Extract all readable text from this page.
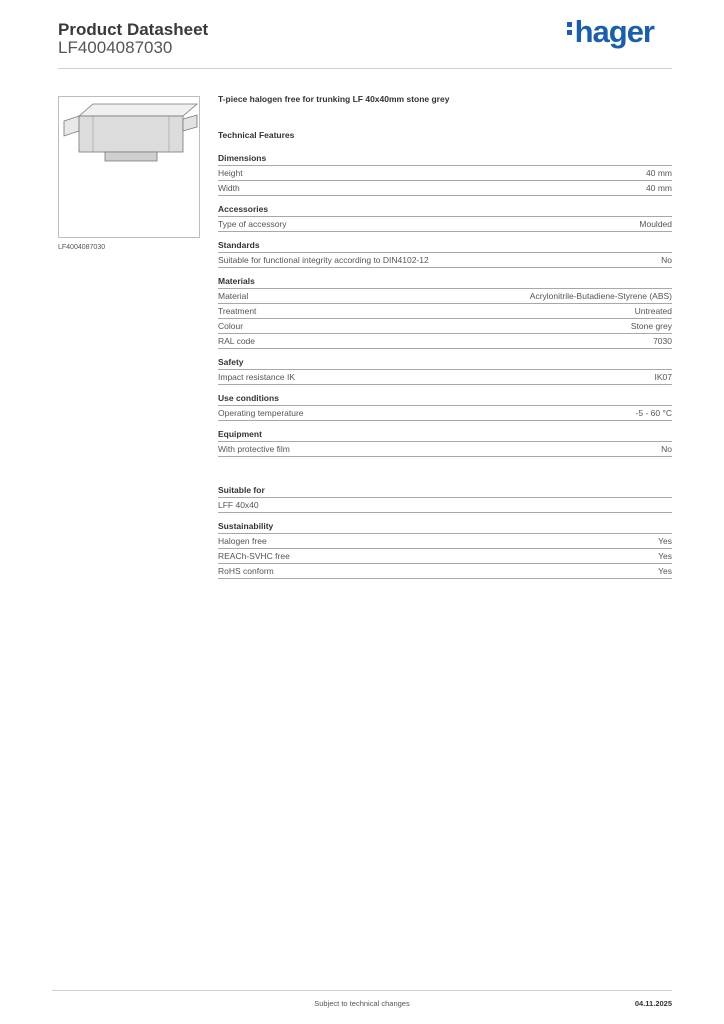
Product Datasheet
LF4004087030	hager
LF4004087030
T-piece halogen free for trunking LF 40x40mm stone grey
Technical Features
Dimensions
Height	40 mm
Width	40 mm
Accessories
Type of accessory	Moulded
Standards
Suitable for functional integrity according to DIN4102-12	No
Materials
Material	Acrylonitrile-Butadiene-Styrene (ABS)
Treatment	Untreated
Colour	Stone grey
RAL code	7030
Safety
Impact resistance IK	IK07
Use conditions
Operating temperature	-5 - 60 °C
Equipment
With protective film	No
Suitable for
LFF 40x40
Sustainability
Halogen free	Yes
REACh-SVHC free	Yes
RoHS conform	Yes
Subject to technical changes	04.11.2025
